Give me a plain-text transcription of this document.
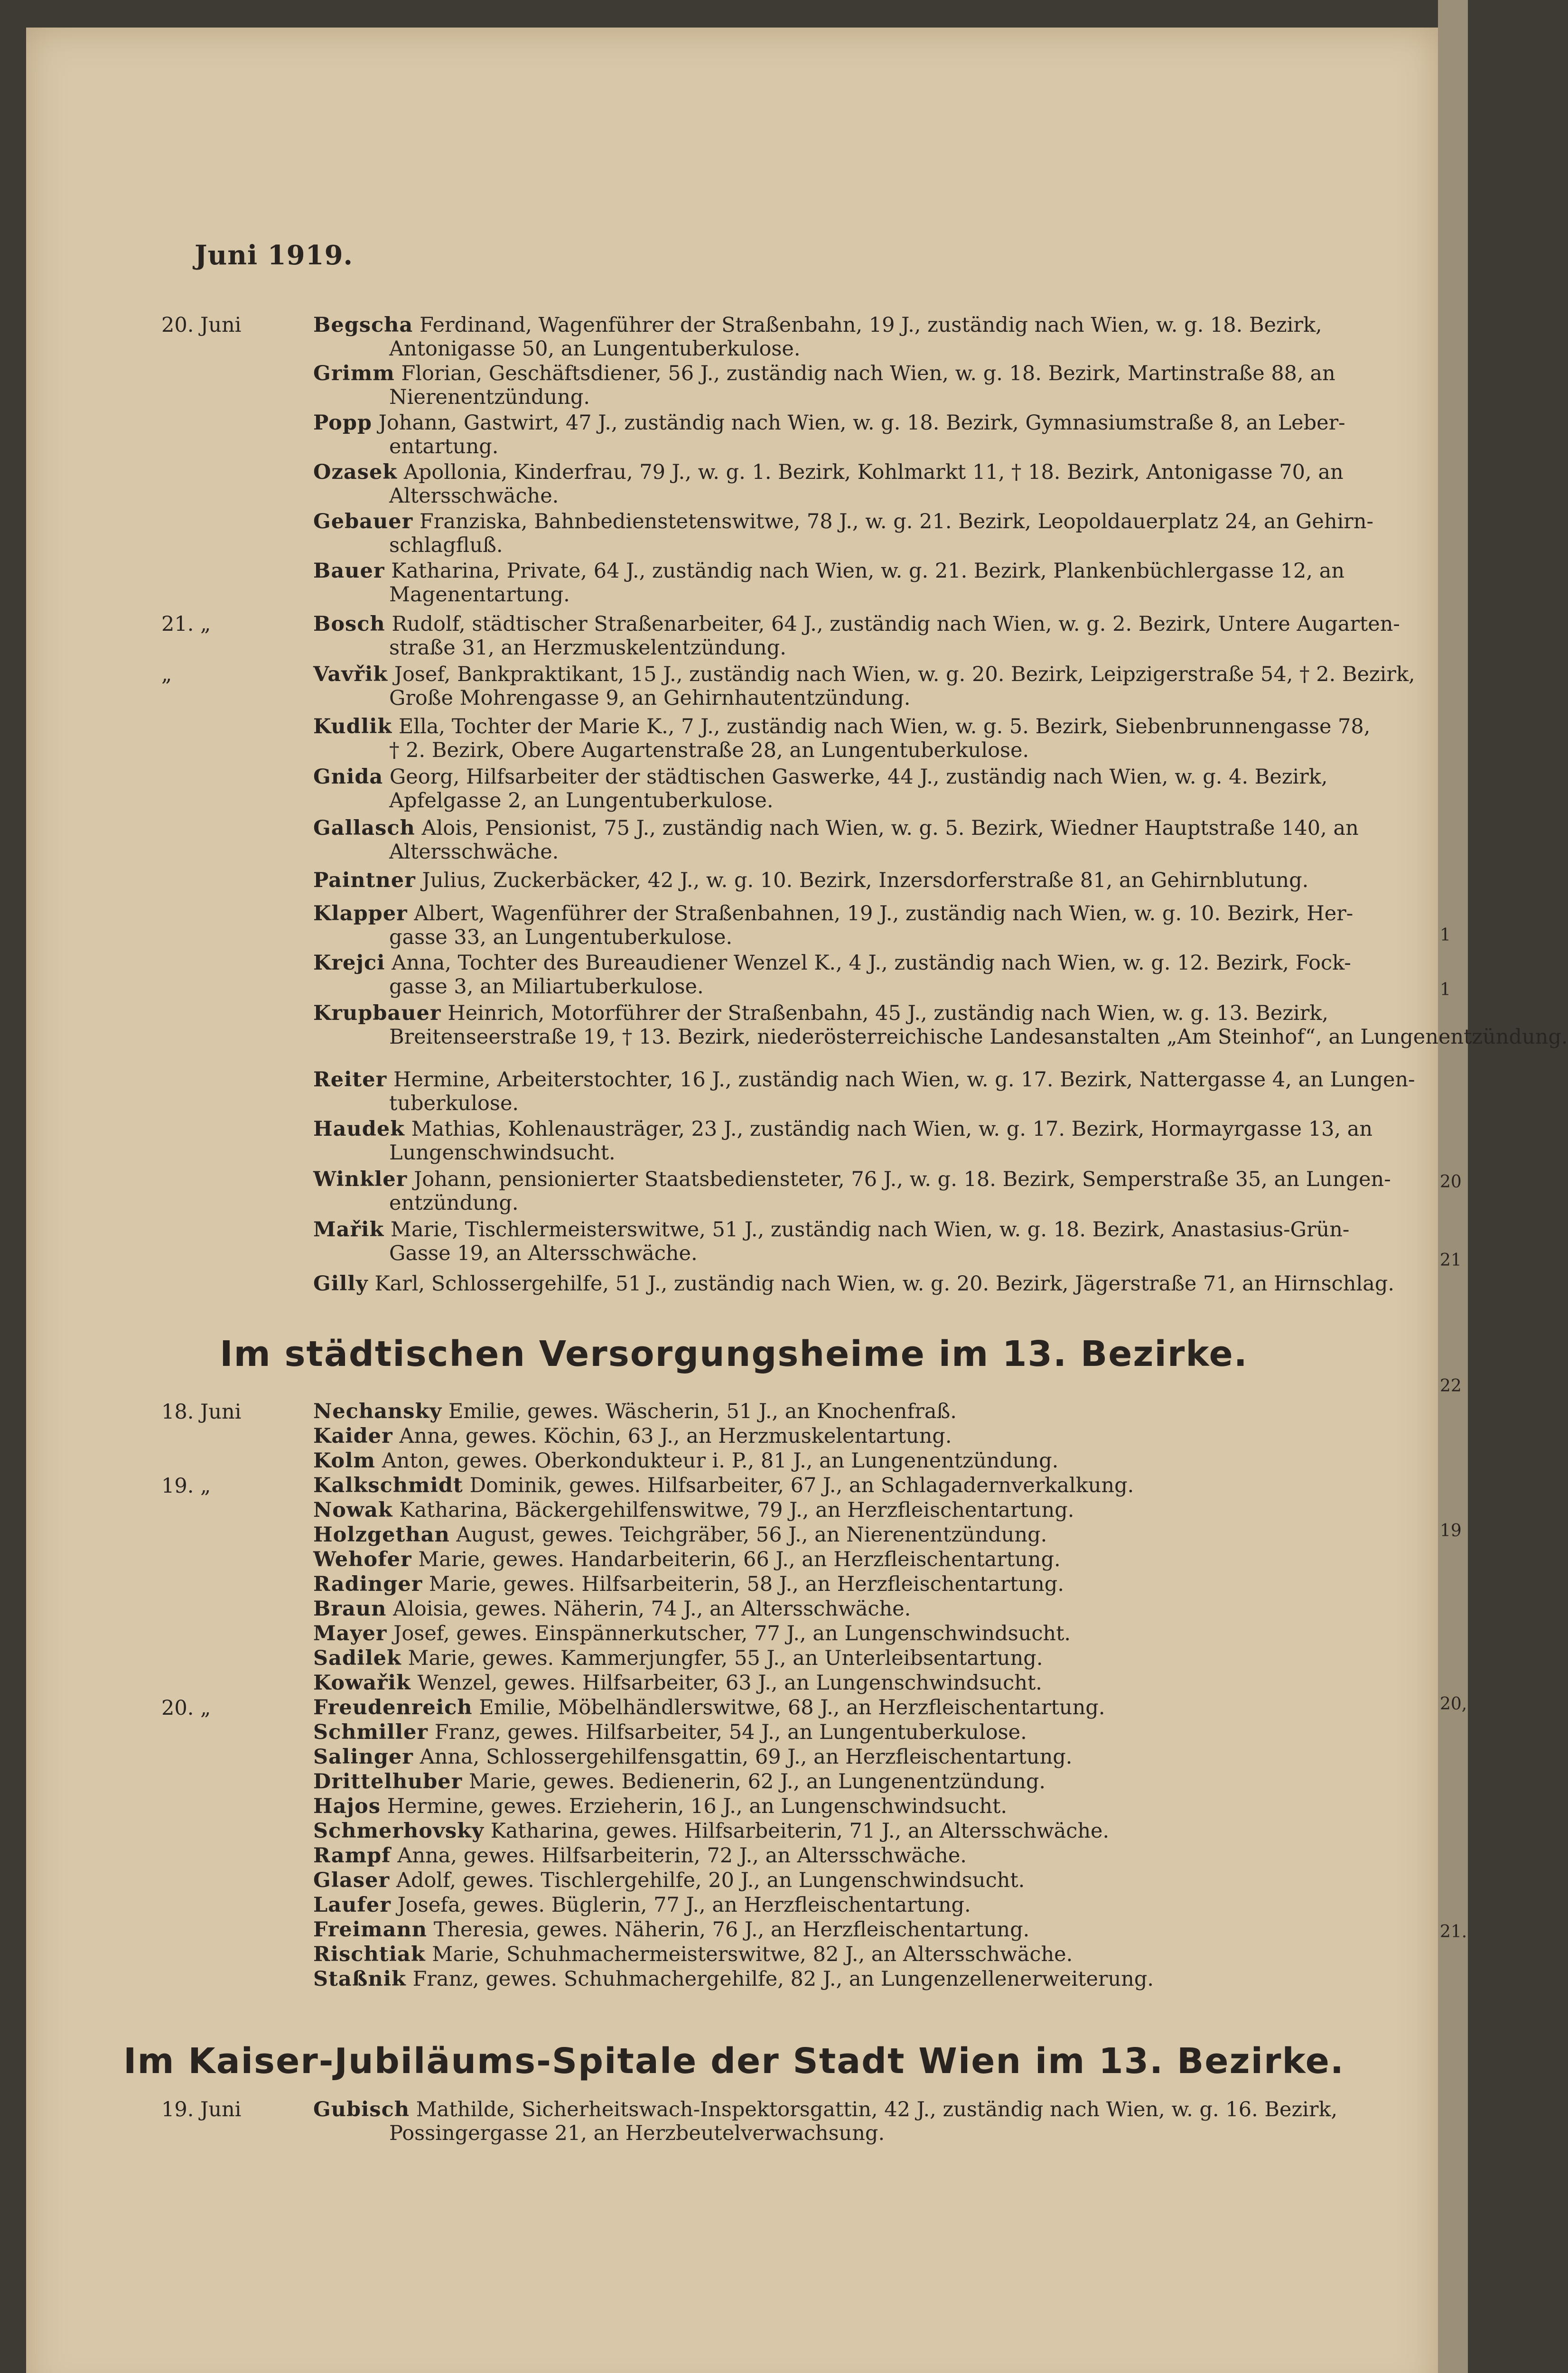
1
1
20
21
22
19
20,
21.
Juni 1919.
20. Juni	Begscha Ferdinand, Wagenführer der Straßenbahn, 19 J., zuständig nach Wien, w. g. 18. Bezirk,
Antonigasse 50, an Lungentuberkulose.
Grimm Florian, Geschäftsdiener, 56 J., zuständig nach Wien, w. g. 18. Bezirk, Martinstraße 88, an
Nierenentzündung.
Popp Johann, Gastwirt, 47 J., zuständig nach Wien, w. g. 18. Bezirk, Gymnasiumstraße 8, an Leber-
entartung.
Ozasek Apollonia, Kinderfrau, 79 J., w. g. 1. Bezirk, Kohlmarkt 11, † 18. Bezirk, Antonigasse 70, an
Altersschwäche.
Gebauer Franziska, Bahnbedienstetenswitwe, 78 J., w. g. 21. Bezirk, Leopoldauerplatz 24, an Gehirn-
schlagfluß.
Bauer Katharina, Private, 64 J., zuständig nach Wien, w. g. 21. Bezirk, Plankenbüchlergasse 12, an
Magenentartung.
21. „	Bosch Rudolf, städtischer Straßenarbeiter, 64 J., zuständig nach Wien, w. g. 2. Bezirk, Untere Augarten-
straße 31, an Herzmuskelentzündung.
„	Vavřik Josef, Bankpraktikant, 15 J., zuständig nach Wien, w. g. 20. Bezirk, Leipzigerstraße 54, † 2. Bezirk,
Große Mohrengasse 9, an Gehirnhautentzündung.
Kudlik Ella, Tochter der Marie K., 7 J., zuständig nach Wien, w. g. 5. Bezirk, Siebenbrunnengasse 78,
† 2. Bezirk, Obere Augartenstraße 28, an Lungentuberkulose.
Gnida Georg, Hilfsarbeiter der städtischen Gaswerke, 44 J., zuständig nach Wien, w. g. 4. Bezirk,
Apfelgasse 2, an Lungentuberkulose.
Gallasch Alois, Pensionist, 75 J., zuständig nach Wien, w. g. 5. Bezirk, Wiedner Hauptstraße 140, an
Altersschwäche.
Paintner Julius, Zuckerbäcker, 42 J., w. g. 10. Bezirk, Inzersdorferstraße 81, an Gehirnblutung.
Klapper Albert, Wagenführer der Straßenbahnen, 19 J., zuständig nach Wien, w. g. 10. Bezirk, Her-
gasse 33, an Lungentuberkulose.
Krejci Anna, Tochter des Bureaudiener Wenzel K., 4 J., zuständig nach Wien, w. g. 12. Bezirk, Fock-
gasse 3, an Miliartuberkulose.
Krupbauer Heinrich, Motorführer der Straßenbahn, 45 J., zuständig nach Wien, w. g. 13. Bezirk,
Breitenseerstraße 19, † 13. Bezirk, niederösterreichische Landesanstalten „Am Steinhof“, an Lungenentzündung.
Reiter Hermine, Arbeiterstochter, 16 J., zuständig nach Wien, w. g. 17. Bezirk, Nattergasse 4, an Lungen-
tuberkulose.
Haudek Mathias, Kohlenausträger, 23 J., zuständig nach Wien, w. g. 17. Bezirk, Hormayrgasse 13, an
Lungenschwindsucht.
Winkler Johann, pensionierter Staatsbediensteter, 76 J., w. g. 18. Bezirk, Semperstraße 35, an Lungen-
entzündung.
Mařik Marie, Tischlermeisterswitwe, 51 J., zuständig nach Wien, w. g. 18. Bezirk, Anastasius-Grün-
Gasse 19, an Altersschwäche.
Gilly Karl, Schlossergehilfe, 51 J., zuständig nach Wien, w. g. 20. Bezirk, Jägerstraße 71, an Hirnschlag.
Im städtischen Versorgungsheime im 13. Bezirke.
18. Juni	Nechansky Emilie, gewes. Wäscherin, 51 J., an Knochenfraß.
Kaider Anna, gewes. Köchin, 63 J., an Herzmuskelentartung.
Kolm Anton, gewes. Oberkondukteur i. P., 81 J., an Lungenentzündung.
19. „	Kalkschmidt Dominik, gewes. Hilfsarbeiter, 67 J., an Schlagadernverkalkung.
Nowak Katharina, Bäckergehilfenswitwe, 79 J., an Herzfleischentartung.
Holzgethan August, gewes. Teichgräber, 56 J., an Nierenentzündung.
Wehofer Marie, gewes. Handarbeiterin, 66 J., an Herzfleischentartung.
Radinger Marie, gewes. Hilfsarbeiterin, 58 J., an Herzfleischentartung.
Braun Aloisia, gewes. Näherin, 74 J., an Altersschwäche.
Mayer Josef, gewes. Einspännerkutscher, 77 J., an Lungenschwindsucht.
Sadilek Marie, gewes. Kammerjungfer, 55 J., an Unterleibsentartung.
Kowařik Wenzel, gewes. Hilfsarbeiter, 63 J., an Lungenschwindsucht.
20. „	Freudenreich Emilie, Möbelhändlerswitwe, 68 J., an Herzfleischentartung.
Schmiller Franz, gewes. Hilfsarbeiter, 54 J., an Lungentuberkulose.
Salinger Anna, Schlossergehilfensgattin, 69 J., an Herzfleischentartung.
Drittelhuber Marie, gewes. Bedienerin, 62 J., an Lungenentzündung.
Hajos Hermine, gewes. Erzieherin, 16 J., an Lungenschwindsucht.
Schmerhovsky Katharina, gewes. Hilfsarbeiterin, 71 J., an Altersschwäche.
Rampf Anna, gewes. Hilfsarbeiterin, 72 J., an Altersschwäche.
Glaser Adolf, gewes. Tischlergehilfe, 20 J., an Lungenschwindsucht.
Laufer Josefa, gewes. Büglerin, 77 J., an Herzfleischentartung.
Freimann Theresia, gewes. Näherin, 76 J., an Herzfleischentartung.
Rischtiak Marie, Schuhmachermeisterswitwe, 82 J., an Altersschwäche.
Staßnik Franz, gewes. Schuhmachergehilfe, 82 J., an Lungenzellenerweiterung.
Im Kaiser-Jubiläums-Spitale der Stadt Wien im 13. Bezirke.
19. Juni	Gubisch Mathilde, Sicherheitswach-Inspektorsgattin, 42 J., zuständig nach Wien, w. g. 16. Bezirk,
Possingergasse 21, an Herzbeutelverwachsung.
